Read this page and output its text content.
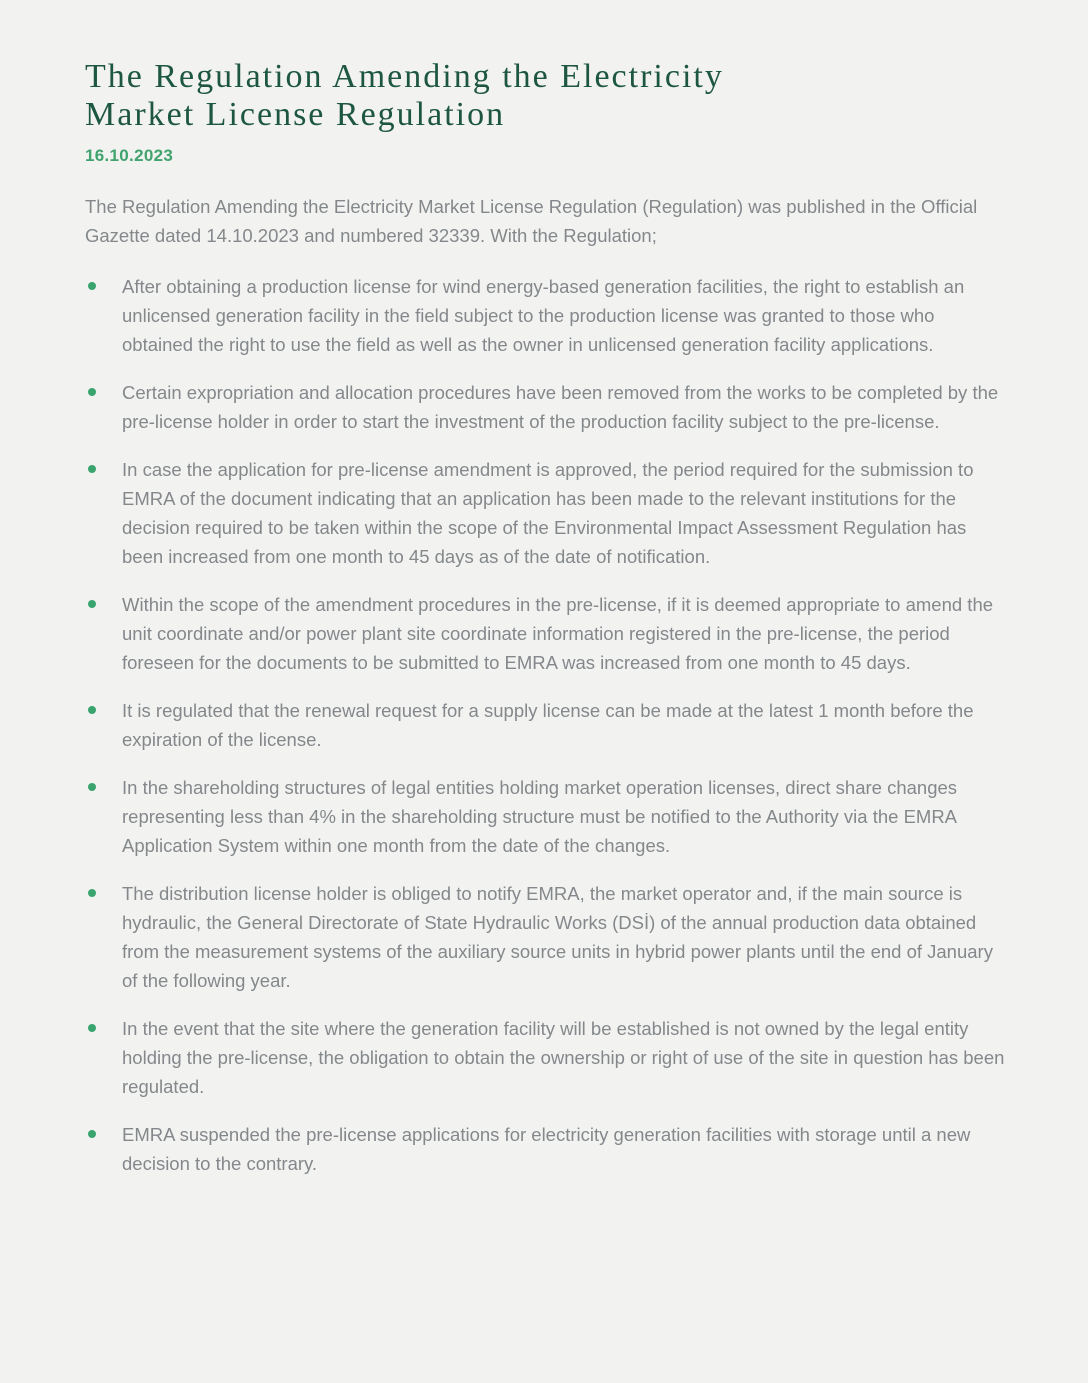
The Regulation Amending the Electricity
Market License Regulation
16.10.2023

The Regulation Amending the Electricity Market License Regulation (Regulation) was published in the Official Gazette dated 14.10.2023 and numbered 32339. With the Regulation;

After obtaining a production license for wind energy-based generation facilities, the right to establish an unlicensed generation facility in the field subject to the production license was granted to those who obtained the right to use the field as well as the owner in unlicensed generation facility applications.
Certain expropriation and allocation procedures have been removed from the works to be completed by the pre-license holder in order to start the investment of the production facility subject to the pre-license.
In case the application for pre-license amendment is approved, the period required for the submission to EMRA of the document indicating that an application has been made to the relevant institutions for the decision required to be taken within the scope of the Environmental Impact Assessment Regulation has been increased from one month to 45 days as of the date of notification.
Within the scope of the amendment procedures in the pre-license, if it is deemed appropriate to amend the unit coordinate and/or power plant site coordinate information registered in the pre-license, the period foreseen for the documents to be submitted to EMRA was increased from one month to 45 days.
It is regulated that the renewal request for a supply license can be made at the latest 1 month before the expiration of the license.
In the shareholding structures of legal entities holding market operation licenses, direct share changes representing less than 4% in the shareholding structure must be notified to the Authority via the EMRA Application System within one month from the date of the changes.
The distribution license holder is obliged to notify EMRA, the market operator and, if the main source is hydraulic, the General Directorate of State Hydraulic Works (DSİ) of the annual production data obtained from the measurement systems of the auxiliary source units in hybrid power plants until the end of January of the following year.
In the event that the site where the generation facility will be established is not owned by the legal entity holding the pre-license, the obligation to obtain the ownership or right of use of the site in question has been regulated.
EMRA suspended the pre-license applications for electricity generation facilities with storage until a new decision to the contrary.
